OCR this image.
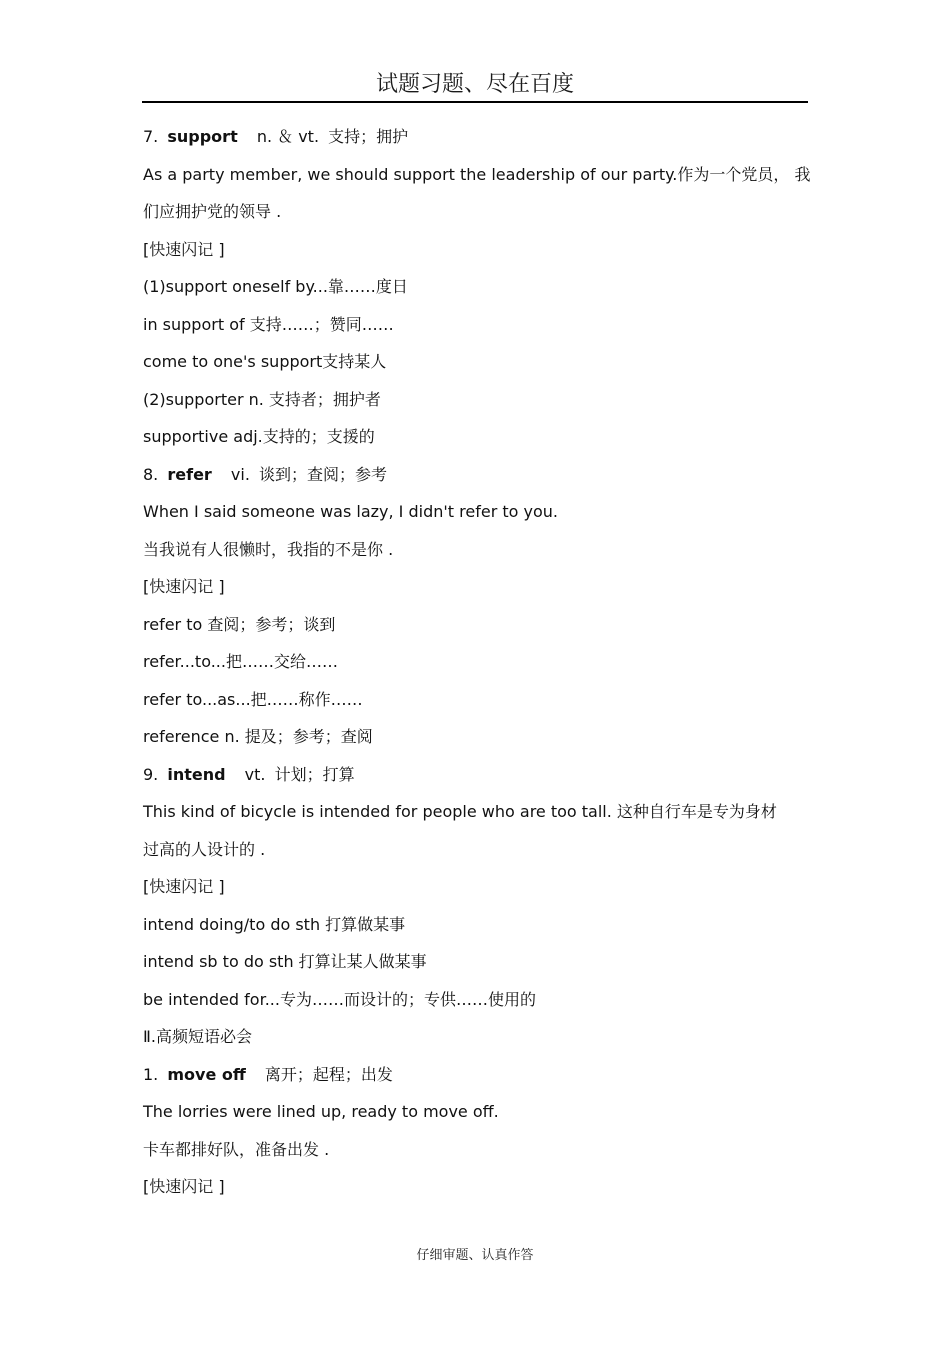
试题习题、尽在百度
7. support n. ＆ vt. 支持；拥护
As a party member, we should support the leadership of our party.作为一个党员， 我
们应拥护党的领导 .
[快速闪记 ]
(1)support oneself by...靠……度日
in support of 支持……；赞同……
come to one's support支持某人
(2)supporter n. 支持者；拥护者
supportive adj.支持的；支援的
8. refer vi. 谈到；查阅；参考
When I said someone was lazy, I didn't refer to you.
当我说有人很懒时，我指的不是你 .
[快速闪记 ]
refer to 查阅；参考；谈到
refer...to...把……交给……
refer to...as...把……称作……
reference n. 提及；参考；查阅
9. intend vt. 计划；打算
This kind of bicycle is intended for people who are too tall. 这种自行车是专为身材
过高的人设计的 .
[快速闪记 ]
intend doing/to do sth 打算做某事
intend sb to do sth 打算让某人做某事
be intended for...专为……而设计的；专供……使用的
Ⅱ.高频短语必会
1. move off 离开；起程；出发
The lorries were lined up, ready to move off.
卡车都排好队，准备出发 .
[快速闪记 ]
仔细审题、认真作答
